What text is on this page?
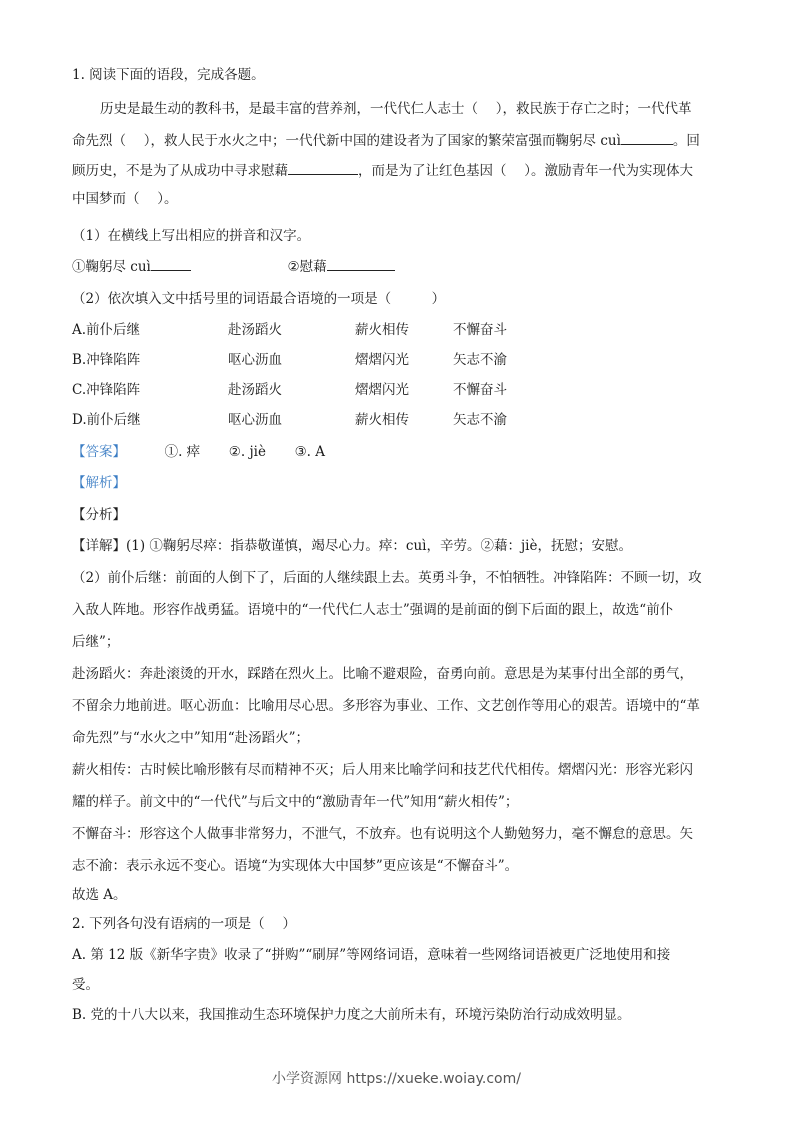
1. 阅读下面的语段，完成各题。
历史是最生动的教科书，是最丰富的营养剂，一代代仁人志士（　 ），救民族于存亡之时；一代代革
命先烈（　 ），救人民于水火之中；一代代新中国的建设者为了国家的繁荣富强而鞠躬尽 cuì	。回
顾历史，不是为了从成功中寻求慰藉	，而是为了让红色基因（　 ）。激励青年一代为实现体大
中国梦而（　 ）。
（1）在横线上写出相应的拼音和汉字。
①鞠躬尽 cuì	②慰藉
（2）依次填入文中括号里的词语最合语境的一项是（　　　）
A.前仆后继	赴汤蹈火	薪火相传	不懈奋斗
B.冲锋陷阵	呕心沥血	熠熠闪光	矢志不渝
C.冲锋陷阵	赴汤蹈火	熠熠闪光	不懈奋斗
D.前仆后继	呕心沥血	薪火相传	矢志不渝
【答案】	①. 瘁 ②. jiè ③. A
【解析】
【分析】
【详解】(1) ①鞠躬尽瘁：指恭敬谨慎，竭尽心力。瘁：cuì，辛劳。②藉：jiè，抚慰；安慰。
（2）前仆后继：前面的人倒下了，后面的人继续跟上去。英勇斗争，不怕牺牲。冲锋陷阵：不顾一切，攻
入敌人阵地。形容作战勇猛。语境中的“一代代仁人志士”强调的是前面的倒下后面的跟上，故选“前仆
后继”；
赴汤蹈火：奔赴滚烫的开水，踩踏在烈火上。比喻不避艰险，奋勇向前。意思是为某事付出全部的勇气，
不留余力地前进。呕心沥血：比喻用尽心思。多形容为事业、工作、文艺创作等用心的艰苦。语境中的“革
命先烈”与“水火之中”知用“赴汤蹈火”；
薪火相传：古时候比喻形骸有尽而精神不灭；后人用来比喻学问和技艺代代相传。熠熠闪光：形容光彩闪
耀的样子。前文中的“一代代”与后文中的“激励青年一代”知用“薪火相传”；
不懈奋斗：形容这个人做事非常努力，不泄气，不放弃。也有说明这个人勤勉努力，毫不懈怠的意思。矢
志不渝：表示永远不变心。语境“为实现体大中国梦”更应该是“不懈奋斗”。
故选 A。
2. 下列各句没有语病的一项是（　 ）
A. 第 12 版《新华字贵》收录了“拼购”“刷屏”等网络词语，意味着一些网络词语被更广泛地使用和接
受。
B. 党的十八大以来，我国推动生态环境保护力度之大前所未有，环境污染防治行动成效明显。
小学资源网 https://xueke.woiay.com/
